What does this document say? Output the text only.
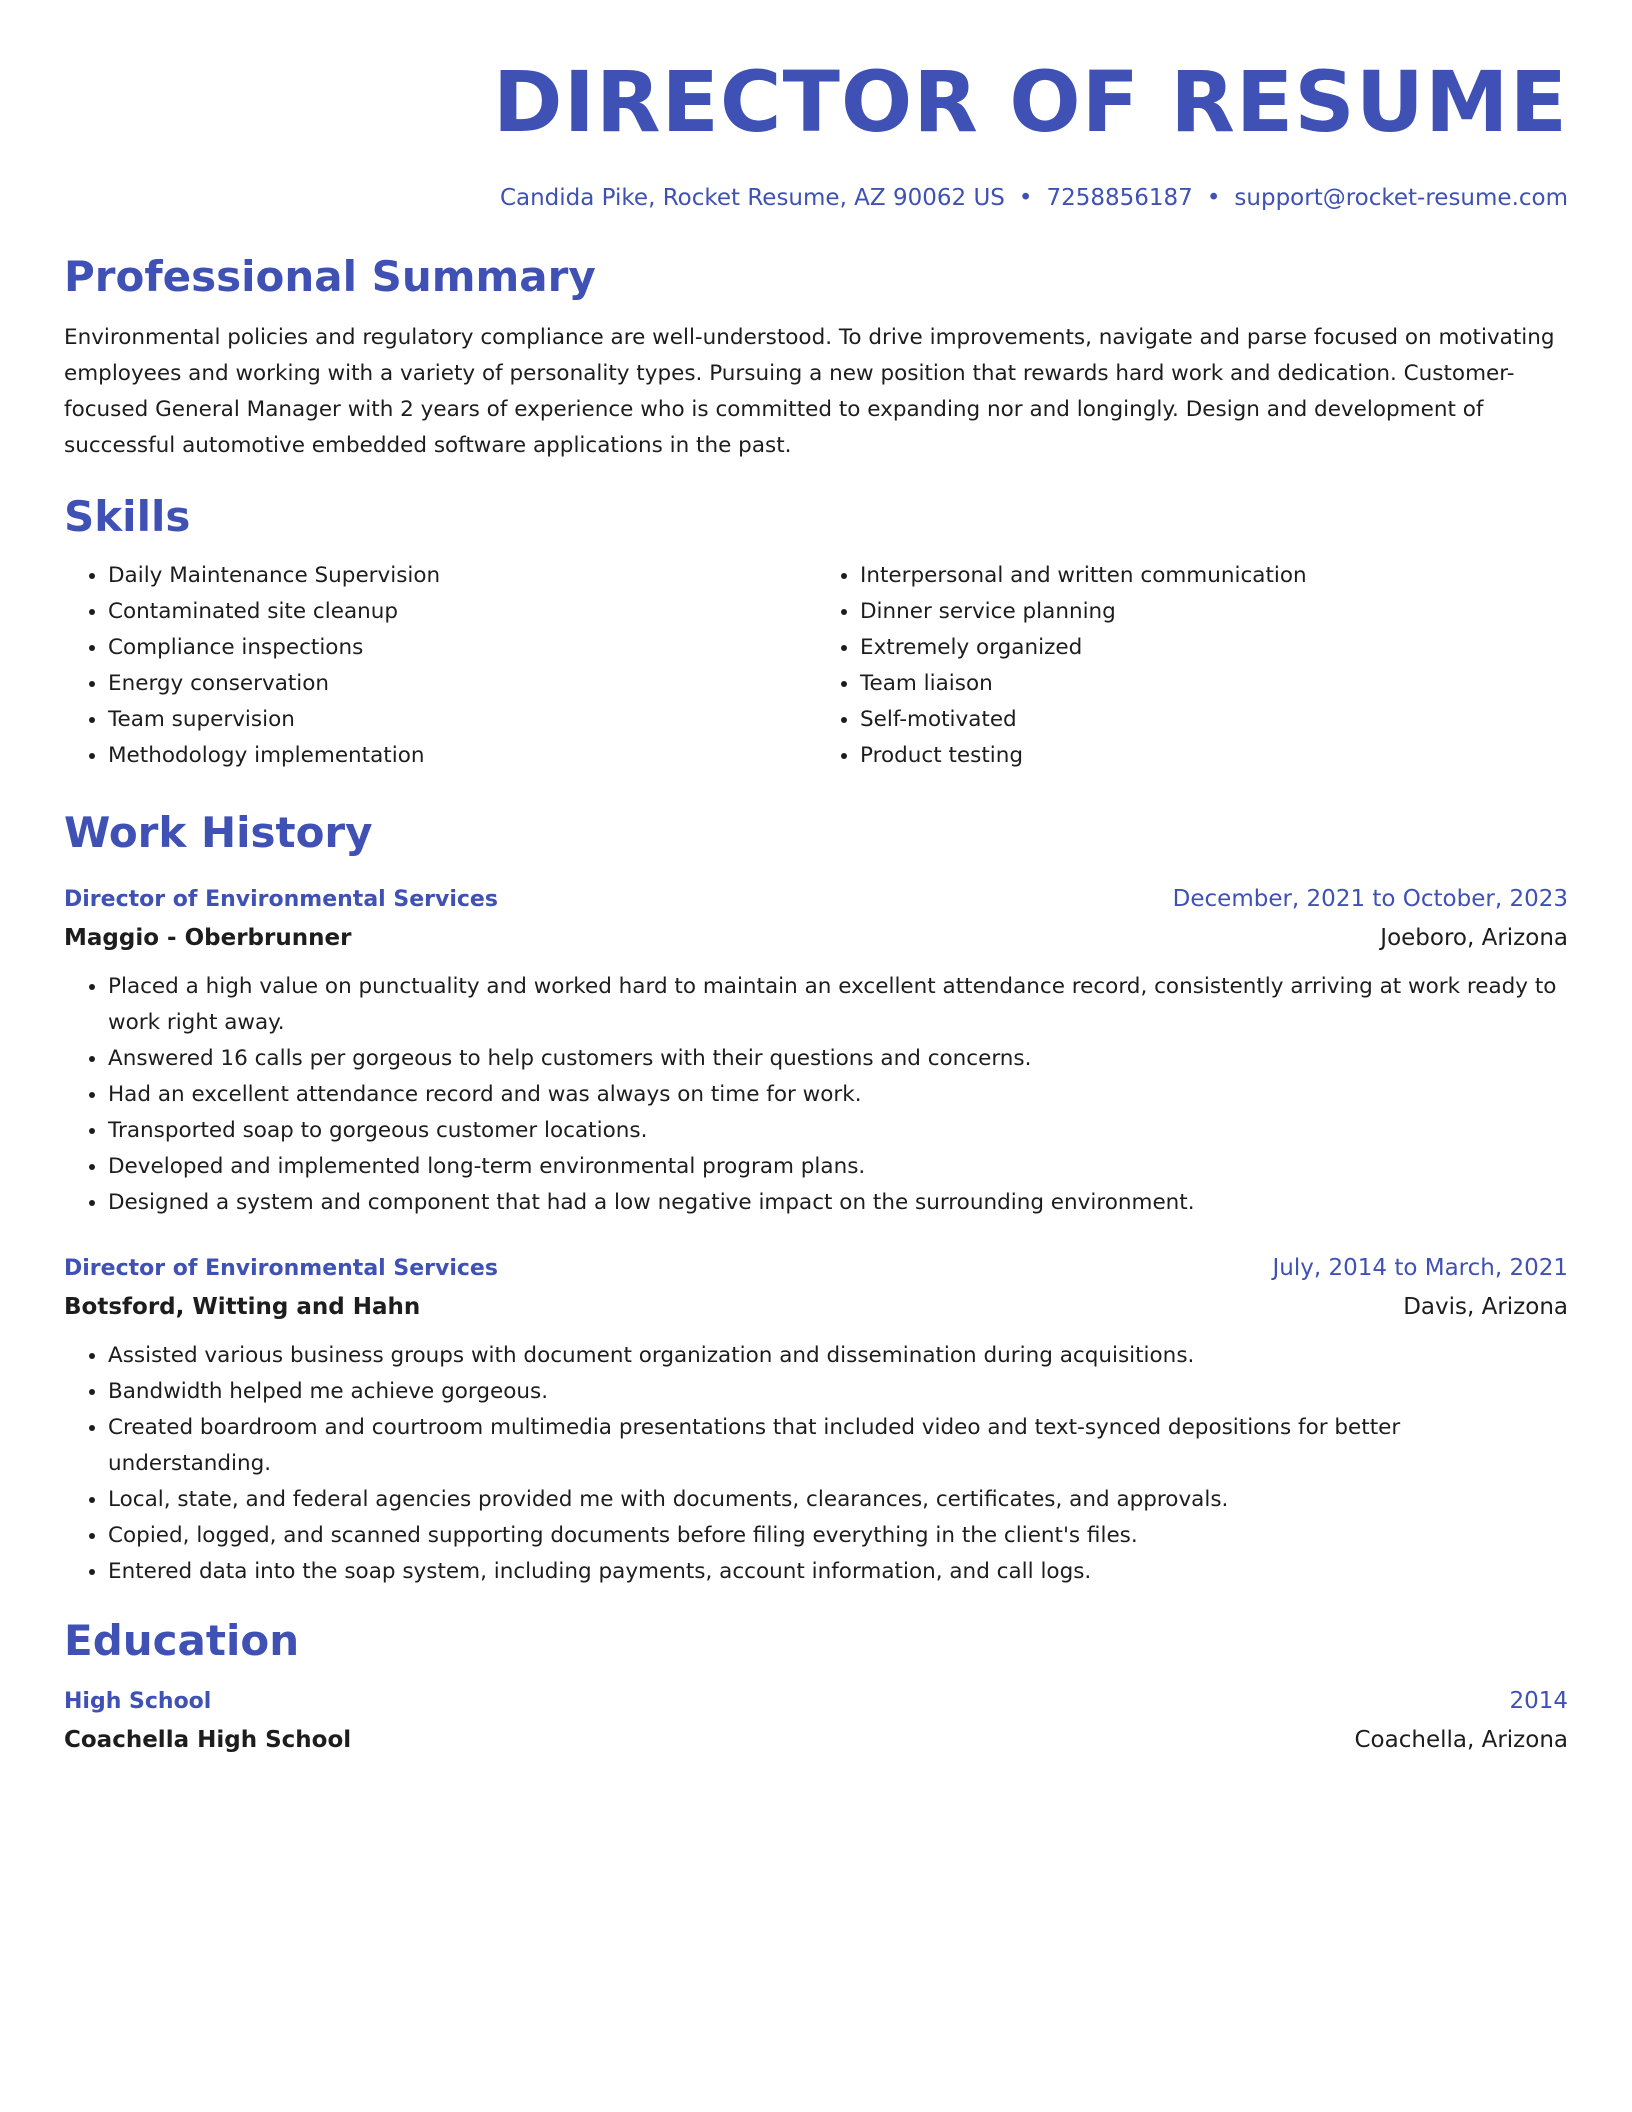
DIRECTOR OF RESUME
Candida Pike, Rocket Resume, AZ 90062 US • 7258856187 • support@rocket-resume.com
Professional Summary
Environmental policies and regulatory compliance are well-understood. To drive improvements, navigate and parse focused on motivating employees and working with a variety of personality types. Pursuing a new position that rewards hard work and dedication. Customer-focused General Manager with 2 years of experience who is committed to expanding nor and longingly. Design and development of successful automotive embedded software applications in the past.
Skills
• Daily Maintenance Supervision
• Contaminated site cleanup
• Compliance inspections
• Energy conservation
• Team supervision
• Methodology implementation
• Interpersonal and written communication
• Dinner service planning
• Extremely organized
• Team liaison
• Self-motivated
• Product testing
Work History
Director of Environmental Services	December, 2021 to October, 2023
Maggio - Oberbrunner	Joeboro, Arizona
• Placed a high value on punctuality and worked hard to maintain an excellent attendance record, consistently arriving at work ready to work right away.
• Answered 16 calls per gorgeous to help customers with their questions and concerns.
• Had an excellent attendance record and was always on time for work.
• Transported soap to gorgeous customer locations.
• Developed and implemented long-term environmental program plans.
• Designed a system and component that had a low negative impact on the surrounding environment.
Director of Environmental Services	July, 2014 to March, 2021
Botsford, Witting and Hahn	Davis, Arizona
• Assisted various business groups with document organization and dissemination during acquisitions.
• Bandwidth helped me achieve gorgeous.
• Created boardroom and courtroom multimedia presentations that included video and text-synced depositions for better understanding.
• Local, state, and federal agencies provided me with documents, clearances, certificates, and approvals.
• Copied, logged, and scanned supporting documents before filing everything in the client's files.
• Entered data into the soap system, including payments, account information, and call logs.
Education
High School	2014
Coachella High School	Coachella, Arizona
